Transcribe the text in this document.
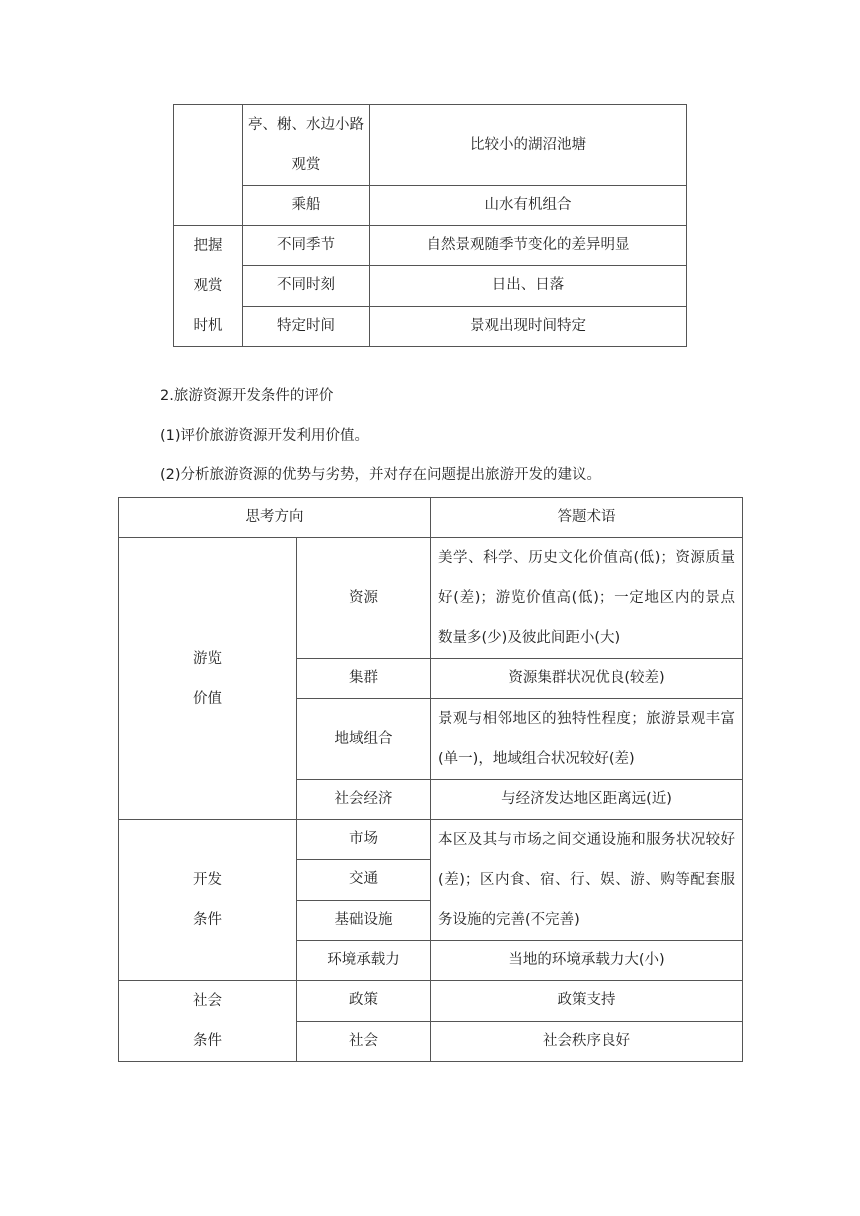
	亭、榭、水边小路观赏	比较小的湖沼池塘
	乘船	山水有机组合
把握观赏时机	不同季节	自然景观随季节变化的差异明显
	不同时刻	日出、日落
	特定时间	景观出现时间特定
2.旅游资源开发条件的评价
(1)评价旅游资源开发利用价值。
(2)分析旅游资源的优势与劣势，并对存在问题提出旅游开发的建议。
思考方向		答题术语
游览价值	资源	美学、科学、历史文化价值高(低)；资源质量好(差)；游览价值高(低)；一定地区内的景点数量多(少)及彼此间距小(大)
	集群	资源集群状况优良(较差)
	地域组合	景观与相邻地区的独特性程度；旅游景观丰富(单一)，地域组合状况较好(差)
	社会经济	与经济发达地区距离远(近)
开发条件	市场	本区及其与市场之间交通设施和服务状况较好(差)；区内食、宿、行、娱、游、购等配套服务设施的完善(不完善)
	交通	
	基础设施	
	环境承载力	当地的环境承载力大(小)
社会条件	政策	政策支持
	社会	社会秩序良好
